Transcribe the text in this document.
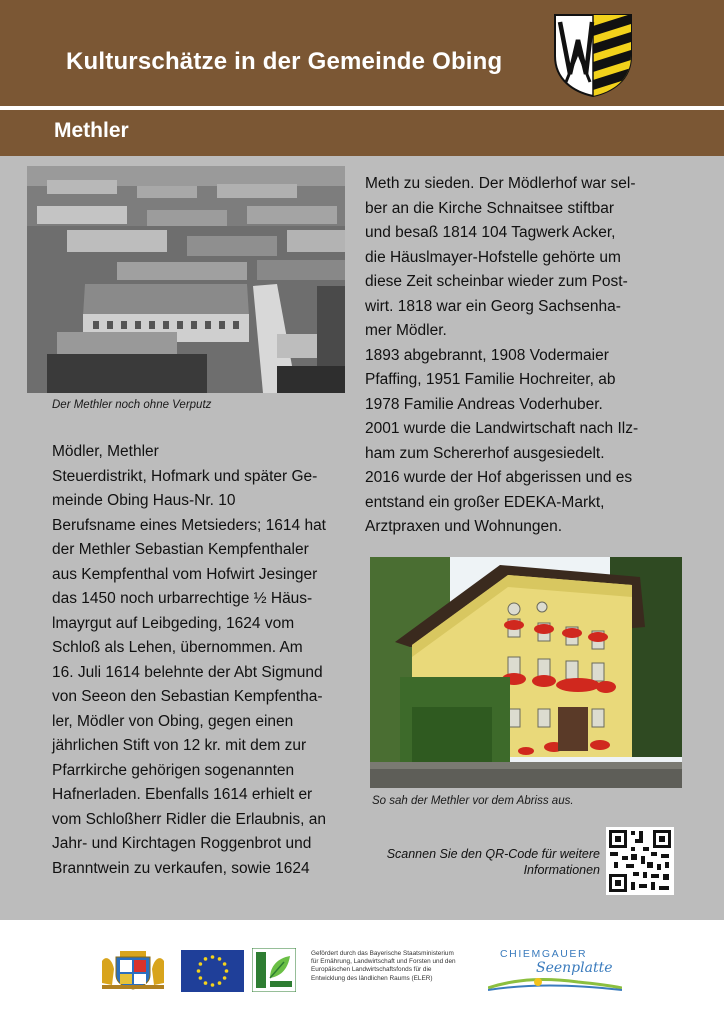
Kulturschätze in der Gemeinde Obing
Methler
Der Methler noch ohne Verputz

Mödler, Methler

Steuerdistrikt, Hofmark und später Ge-

meinde Obing Haus-Nr. 10

Berufsname eines Metsieders; 1614 hat

der Methler Sebastian Kempfenthaler

aus Kempfenthal vom Hofwirt Jesinger

das 1450 noch urbarrechtige ½ Häus-

lmayrgut auf Leibgeding, 1624 vom

Schloß als Lehen, übernommen. Am

16. Juli 1614 belehnte der Abt Sigmund

von Seeon den Sebastian Kempfentha-

ler, Mödler von Obing, gegen einen

jährlichen Stift von 12 kr. mit dem zur

Pfarrkirche gehörigen sogenannten

Hafnerladen. Ebenfalls 1614 erhielt er

vom Schloßherr Ridler die Erlaubnis, an

Jahr- und Kirchtagen Roggenbrot und

Branntwein zu verkaufen, sowie 1624

Meth zu sieden. Der Mödlerhof war sel-

ber an die Kirche Schnaitsee stiftbar

und besaß 1814 104 Tagwerk Acker,

die Häuslmayer-Hofstelle gehörte um

diese Zeit scheinbar wieder zum Post-

wirt. 1818 war ein Georg Sachsenha-

mer Mödler.

1893 abgebrannt, 1908 Vodermaier

Pfaffing, 1951 Familie Hochreiter, ab

1978 Familie Andreas Voderhuber.

2001 wurde die Landwirtschaft nach Ilz-

ham zum Schererhof ausgesiedelt.

2016 wurde der Hof abgerissen und es

entstand ein großer EDEKA-Markt,

Arztpraxen und Wohnungen.

So sah der Methler vor dem Abriss aus.
Scannen Sie den QR-Code für weitere
Informationen
Gefördert durch das Bayerische Staatsministerium
für Ernährung, Landwirtschaft und Forsten und den
Europäischen Landwirtschaftsfonds für die
Entwicklung des ländlichen Raums (ELER)
CHIEMGAUER
Seenplatte
